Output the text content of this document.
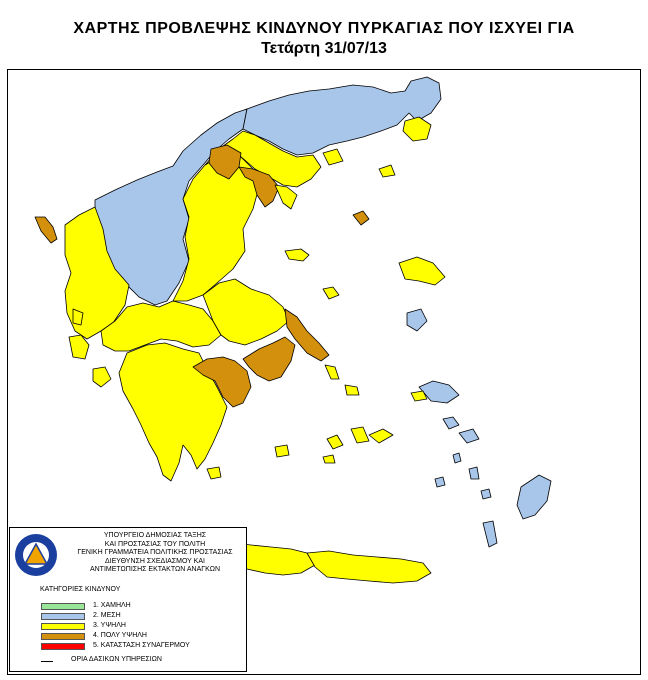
ΧΑΡΤΗΣ ΠΡΟΒΛΕΨΗΣ ΚΙΝΔΥΝΟΥ ΠΥΡΚΑΓΙΑΣ ΠΟΥ ΙΣΧΥΕΙ ΓΙΑ
Τετάρτη 31/07/13
ΥΠΟΥΡΓΕΙΟ ΔΗΜΟΣΙΑΣ ΤΑΞΗΣ
ΚΑΙ ΠΡΟΣΤΑΣΙΑΣ ΤΟΥ ΠΟΛΙΤΗ
ΓΕΝΙΚΗ ΓΡΑΜΜΑΤΕΙΑ ΠΟΛΙΤΙΚΗΣ ΠΡΟΣΤΑΣΙΑΣ
ΔΙΕΥΘΥΝΣΗ ΣΧΕΔΙΑΣΜΟΥ ΚΑΙ
ΑΝΤΙΜΕΤΩΠΙΣΗΣ ΕΚΤΑΚΤΩΝ ΑΝΑΓΚΩΝ
ΚΑΤΗΓΟΡΙΕΣ ΚΙΝΔΥΝΟΥ
1. ΧΑΜΗΛΗ
2. ΜΕΣΗ
3. ΥΨΗΛΗ
4. ΠΟΛΥ ΥΨΗΛΗ
5. ΚΑΤΑΣΤΑΣΗ ΣΥΝΑΓΕΡΜΟΥ
ΟΡΙΑ ΔΑΣΙΚΩΝ ΥΠΗΡΕΣΙΩΝ
